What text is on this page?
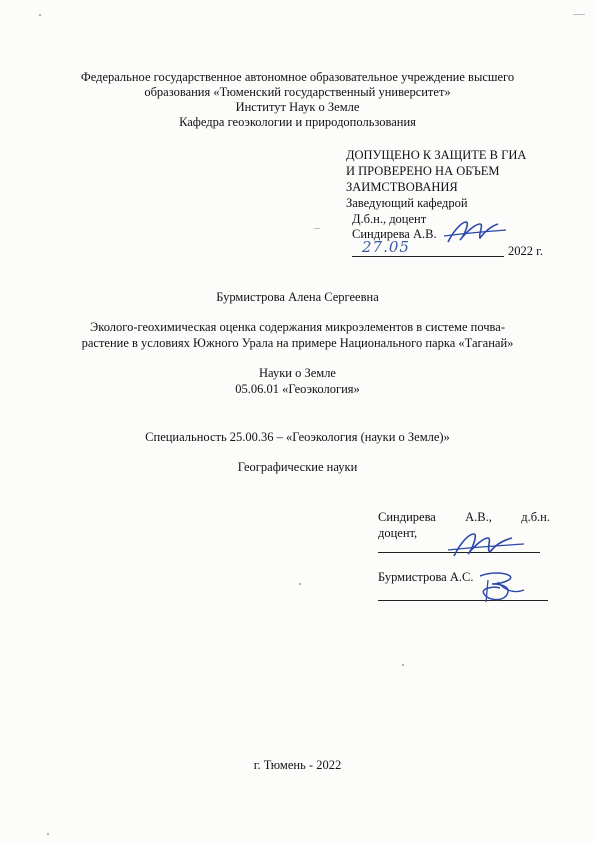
Федеральное государственное автономное образовательное учреждение высшего
образования «Тюменский государственный университет»
Институт Наук о Земле
Кафедра геоэкологии и природопользования
ДОПУЩЕНО К ЗАЩИТЕ В ГИА
И ПРОВЕРЕНО НА ОБЪЕМ
ЗАИМСТВОВАНИЯ
Заведующий кафедрой
Д.б.н., доцент
Синдирева А.В.
27.05	2022 г.
Бурмистрова Алена Сергеевна
Эколого-геохимическая оценка содержания микроэлементов в системе почва-
растение в условиях Южного Урала на примере Национального парка «Таганай»
Науки о Земле
05.06.01 «Геоэкология»
Специальность 25.00.36 – «Геоэкология (науки о Земле)»
Географические науки
Синдирева А.В., д.б.н.
доцент,
Бурмистрова А.С.
г. Тюмень - 2022
